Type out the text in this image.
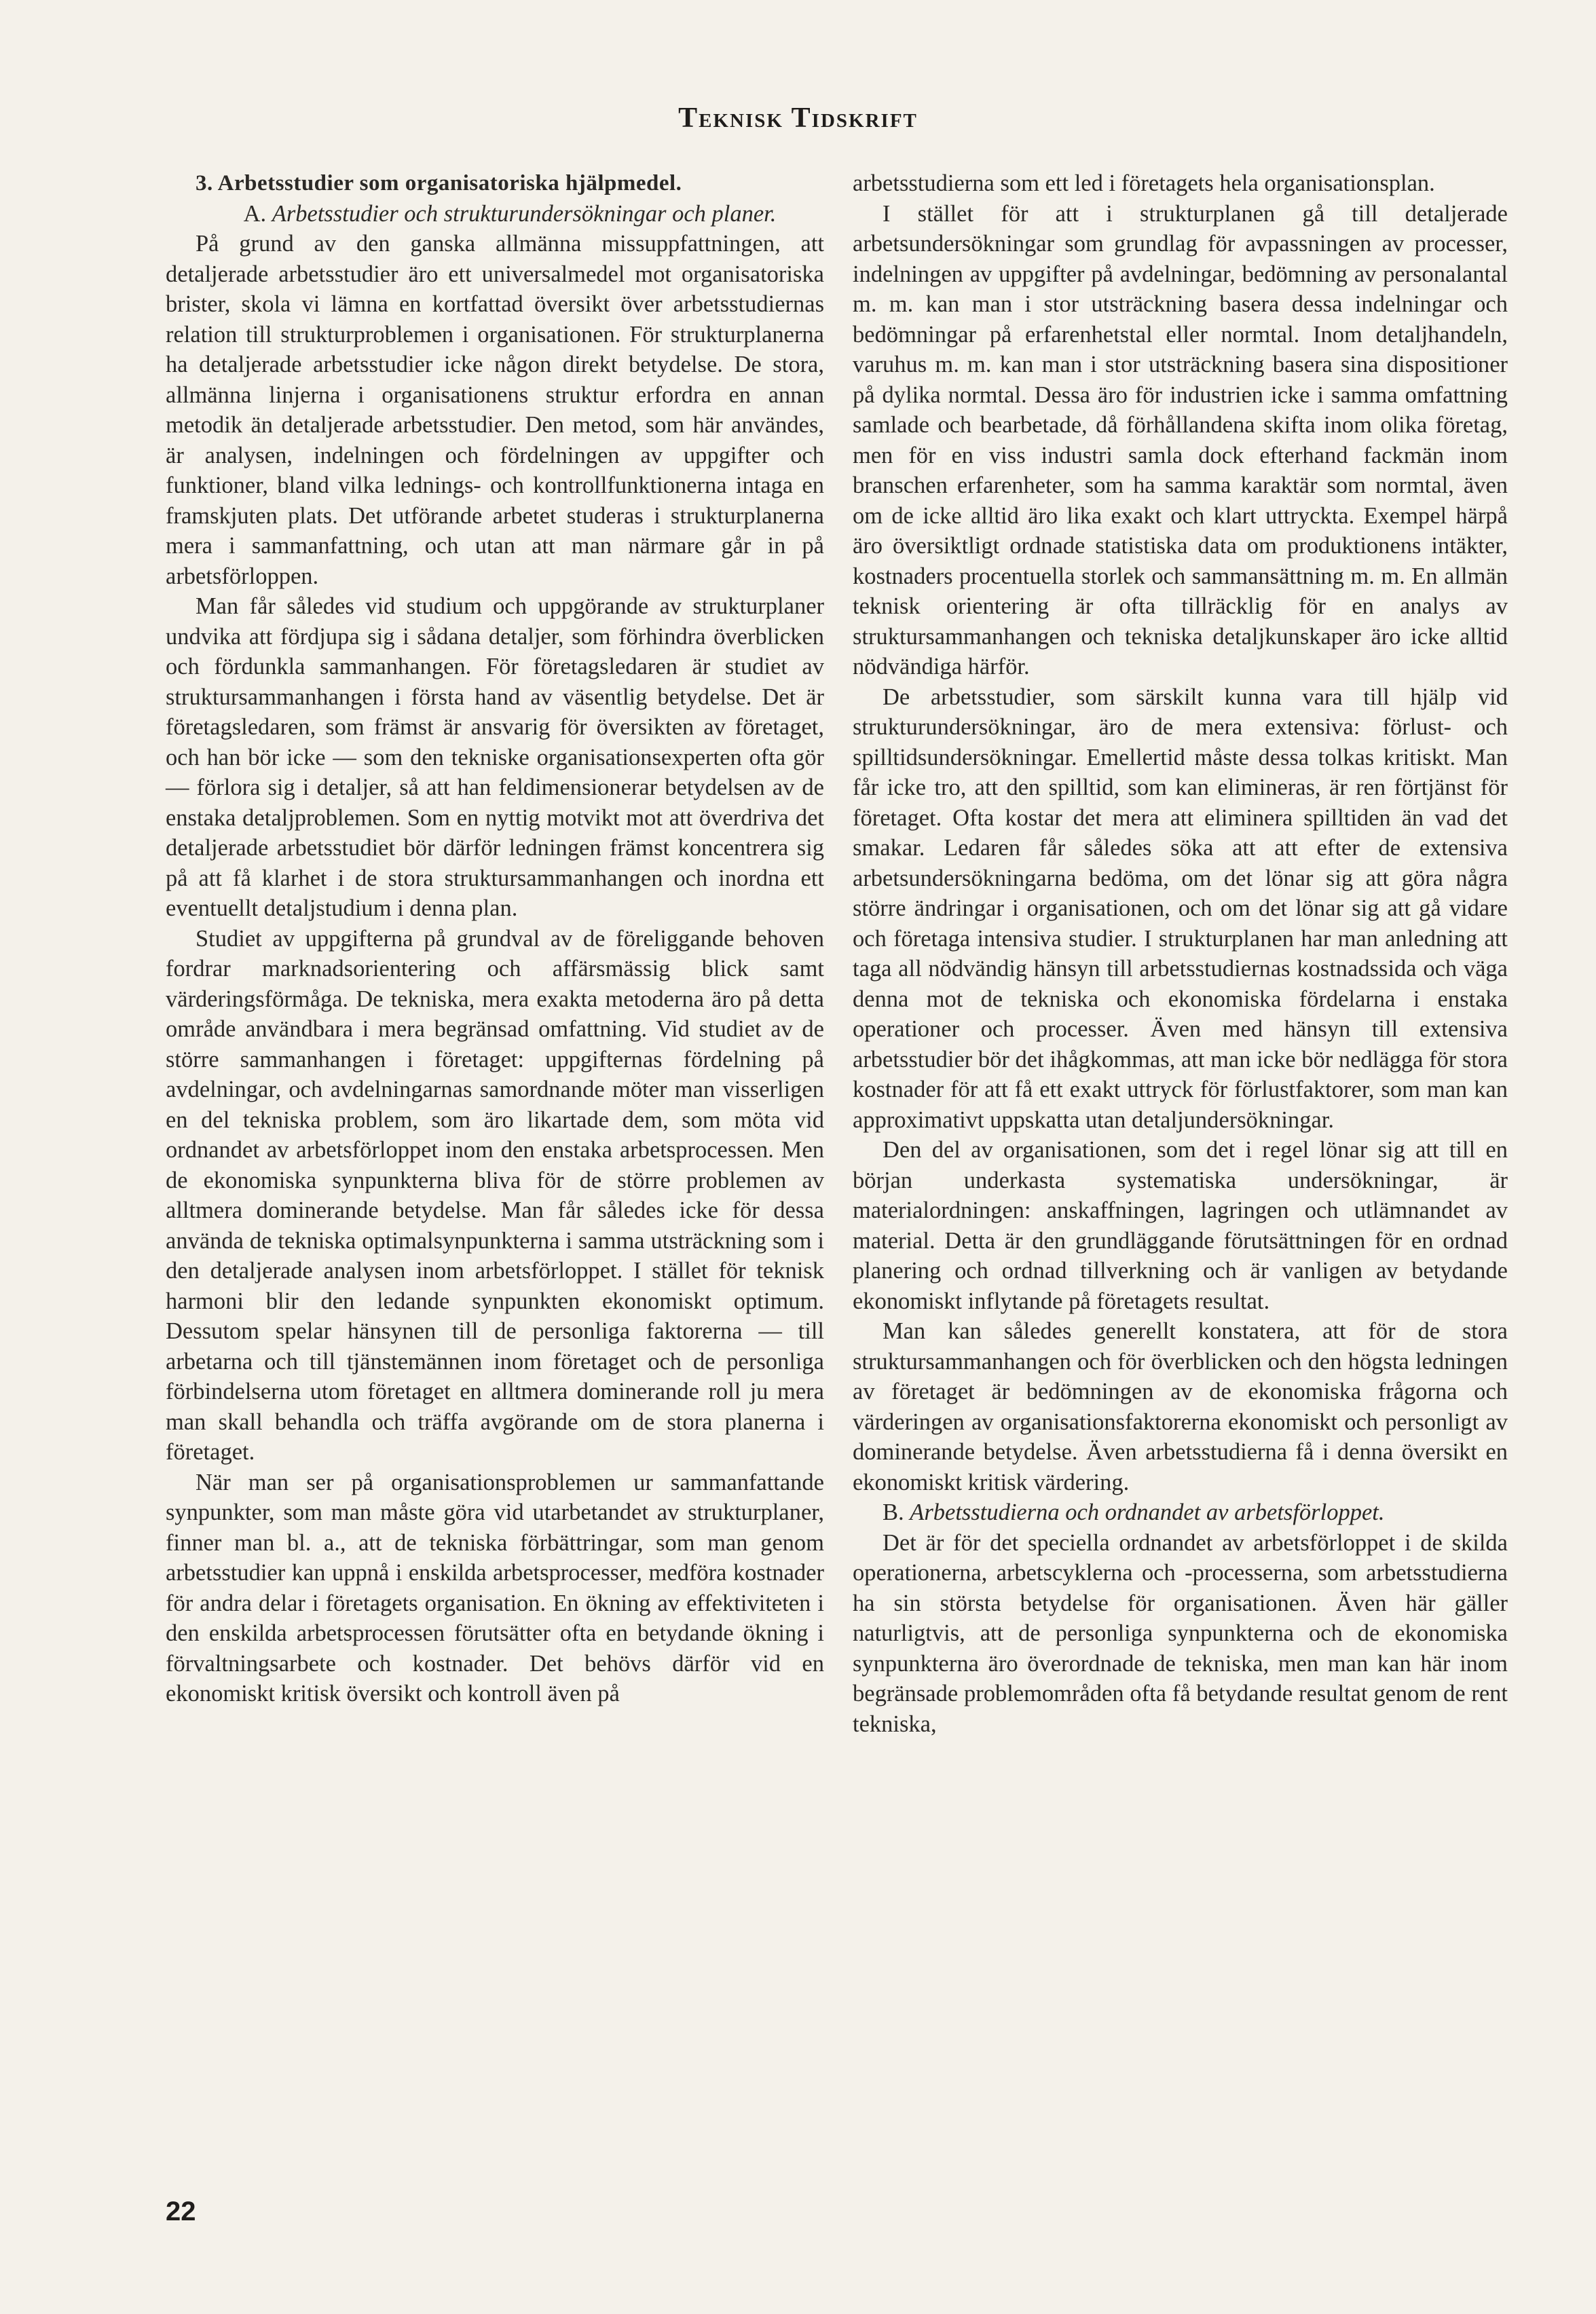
Teknisk Tidskrift

3. Arbetsstudier som organisatoriska hjälpmedel.

A. Arbetsstudier och strukturundersökningar och planer.

På grund av den ganska allmänna missuppfattningen, att detaljerade arbetsstudier äro ett universalmedel mot organisatoriska brister, skola vi lämna en kortfattad översikt över arbetsstudiernas relation till strukturproblemen i organisationen. För strukturplanerna ha detaljerade arbetsstudier icke någon direkt betydelse. De stora, allmänna linjerna i organisationens struktur erfordra en annan metodik än detaljerade arbetsstudier. Den metod, som här användes, är analysen, indelningen och fördelningen av uppgifter och funktioner, bland vilka lednings- och kontrollfunktionerna intaga en framskjuten plats. Det utförande arbetet studeras i strukturplanerna mera i sammanfattning, och utan att man närmare går in på arbetsförloppen.

Man får således vid studium och uppgörande av strukturplaner undvika att fördjupa sig i sådana detaljer, som förhindra överblicken och fördunkla sammanhangen. För företagsledaren är studiet av struktursammanhangen i första hand av väsentlig betydelse. Det är företagsledaren, som främst är ansvarig för översikten av företaget, och han bör icke — som den tekniske organisationsexperten ofta gör — förlora sig i detaljer, så att han feldimensionerar betydelsen av de enstaka detaljproblemen. Som en nyttig motvikt mot att överdriva det detaljerade arbetsstudiet bör därför ledningen främst koncentrera sig på att få klarhet i de stora struktursammanhangen och inordna ett eventuellt detaljstudium i denna plan.

Studiet av uppgifterna på grundval av de föreliggande behoven fordrar marknadsorientering och affärsmässig blick samt värderingsförmåga. De tekniska, mera exakta metoderna äro på detta område användbara i mera begränsad omfattning. Vid studiet av de större sammanhangen i företaget: uppgifternas fördelning på avdelningar, och avdelningarnas samordnande möter man visserligen en del tekniska problem, som äro likartade dem, som möta vid ordnandet av arbetsförloppet inom den enstaka arbetsprocessen. Men de ekonomiska synpunkterna bliva för de större problemen av alltmera dominerande betydelse. Man får således icke för dessa använda de tekniska optimalsynpunkterna i samma utsträckning som i den detaljerade analysen inom arbetsförloppet. I stället för teknisk harmoni blir den ledande synpunkten ekonomiskt optimum. Dessutom spelar hänsynen till de personliga faktorerna — till arbetarna och till tjänstemännen inom företaget och de personliga förbindelserna utom företaget en alltmera dominerande roll ju mera man skall behandla och träffa avgörande om de stora planerna i företaget.

När man ser på organisationsproblemen ur sammanfattande synpunkter, som man måste göra vid utarbetandet av strukturplaner, finner man bl. a., att de tekniska förbättringar, som man genom arbetsstudier kan uppnå i enskilda arbetsprocesser, medföra kostnader för andra delar i företagets organisation. En ökning av effektiviteten i den enskilda arbetsprocessen förutsätter ofta en betydande ökning i förvaltningsarbete och kostnader. Det behövs därför vid en ekonomiskt kritisk översikt och kontroll även på

arbetsstudierna som ett led i företagets hela organisationsplan.

I stället för att i strukturplanen gå till detaljerade arbetsundersökningar som grundlag för avpassningen av processer, indelningen av uppgifter på avdelningar, bedömning av personalantal m. m. kan man i stor utsträckning basera dessa indelningar och bedömningar på erfarenhetstal eller normtal. Inom detaljhandeln, varuhus m. m. kan man i stor utsträckning basera sina dispositioner på dylika normtal. Dessa äro för industrien icke i samma omfattning samlade och bearbetade, då förhållandena skifta inom olika företag, men för en viss industri samla dock efterhand fackmän inom branschen erfarenheter, som ha samma karaktär som normtal, även om de icke alltid äro lika exakt och klart uttryckta. Exempel härpå äro översiktligt ordnade statistiska data om produktionens intäkter, kostnaders procentuella storlek och sammansättning m. m. En allmän teknisk orientering är ofta tillräcklig för en analys av struktursammanhangen och tekniska detaljkunskaper äro icke alltid nödvändiga härför.

De arbetsstudier, som särskilt kunna vara till hjälp vid strukturundersökningar, äro de mera extensiva: förlust- och spilltidsundersökningar. Emellertid måste dessa tolkas kritiskt. Man får icke tro, att den spilltid, som kan elimineras, är ren förtjänst för företaget. Ofta kostar det mera att eliminera spilltiden än vad det smakar. Ledaren får således söka att att efter de extensiva arbetsundersökningarna bedöma, om det lönar sig att göra några större ändringar i organisationen, och om det lönar sig att gå vidare och företaga intensiva studier. I strukturplanen har man anledning att taga all nödvändig hänsyn till arbetsstudiernas kostnadssida och väga denna mot de tekniska och ekonomiska fördelarna i enstaka operationer och processer. Även med hänsyn till extensiva arbetsstudier bör det ihågkommas, att man icke bör nedlägga för stora kostnader för att få ett exakt uttryck för förlustfaktorer, som man kan approximativt uppskatta utan detaljundersökningar.

Den del av organisationen, som det i regel lönar sig att till en början underkasta systematiska undersökningar, är materialordningen: anskaffningen, lagringen och utlämnandet av material. Detta är den grundläggande förutsättningen för en ordnad planering och ordnad tillverkning och är vanligen av betydande ekonomiskt inflytande på företagets resultat.

Man kan således generellt konstatera, att för de stora struktursammanhangen och för överblicken och den högsta ledningen av företaget är bedömningen av de ekonomiska frågorna och värderingen av organisationsfaktorerna ekonomiskt och personligt av dominerande betydelse. Även arbetsstudierna få i denna översikt en ekonomiskt kritisk värdering.

B. Arbetsstudierna och ordnandet av arbetsförloppet.

Det är för det speciella ordnandet av arbetsförloppet i de skilda operationerna, arbetscyklerna och -processerna, som arbetsstudierna ha sin största betydelse för organisationen. Även här gäller naturligtvis, att de personliga synpunkterna och de ekonomiska synpunkterna äro överordnade de tekniska, men man kan här inom begränsade problemområden ofta få betydande resultat genom de rent tekniska,

22
